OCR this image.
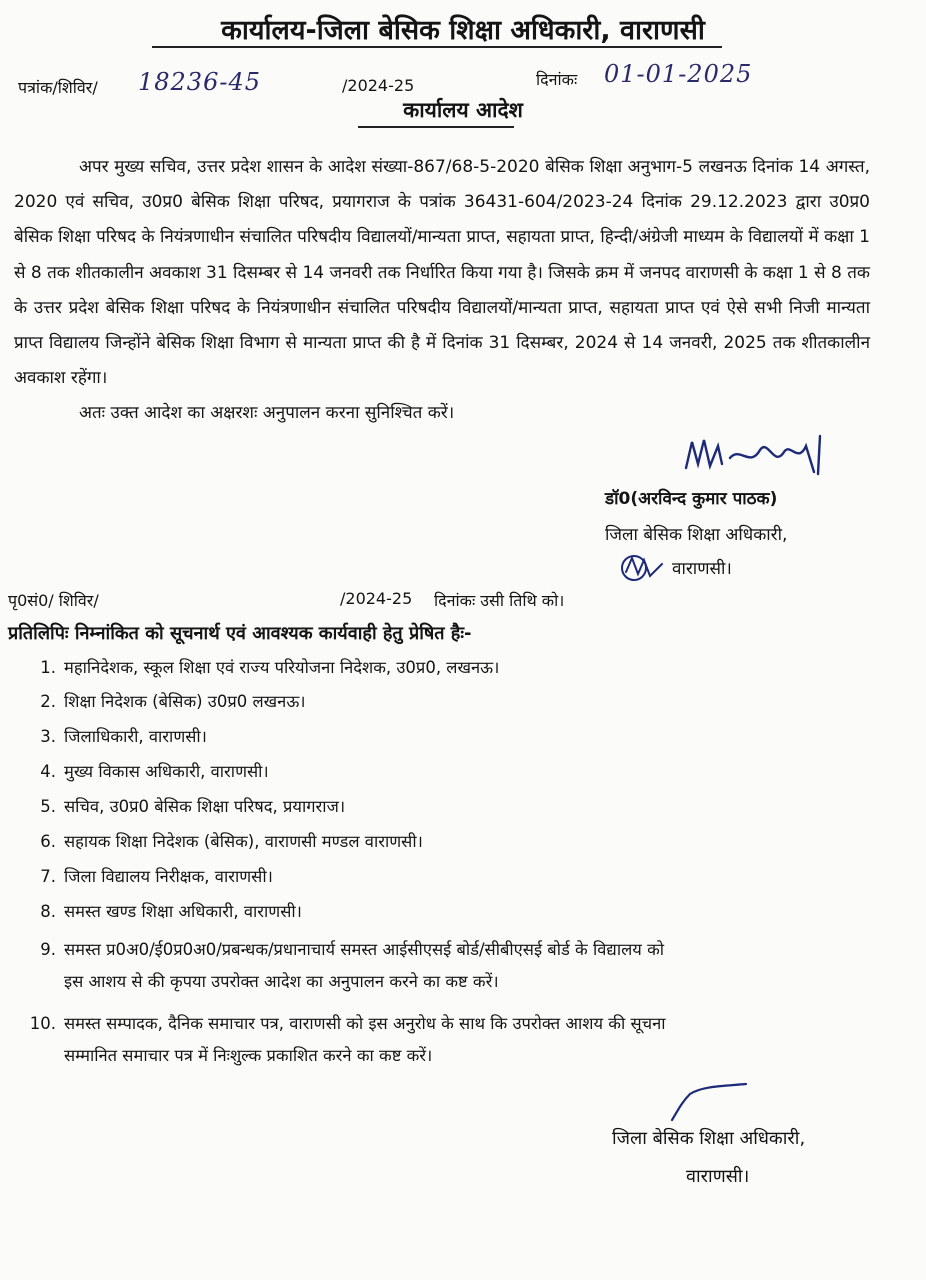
कार्यालय-जिला बेसिक शिक्षा अधिकारी, वाराणसी
पत्रांक/शिविर/ 18236-45	/2024-25	दिनांकः 01-01-2025
कार्यालय आदेश

अपर मुख्य सचिव, उत्तर प्रदेश शासन के आदेश संख्या-867/68-5-2020 बेसिक शिक्षा अनुभाग-5 लखनऊ दिनांक 14 अगस्त, 2020 एवं सचिव, उ0प्र0 बेसिक शिक्षा परिषद, प्रयागराज के पत्रांक 36431-604/2023-24 दिनांक 29.12.2023 द्वारा उ0प्र0 बेसिक शिक्षा परिषद के नियंत्रणाधीन संचालित परिषदीय विद्यालयों/मान्यता प्राप्त, सहायता प्राप्त, हिन्दी/अंग्रेजी माध्यम के विद्यालयों में कक्षा 1 से 8 तक शीतकालीन अवकाश 31 दिसम्बर से 14 जनवरी तक निर्धारित किया गया है। जिसके क्रम में जनपद वाराणसी के कक्षा 1 से 8 तक के उत्तर प्रदेश बेसिक शिक्षा परिषद के नियंत्रणाधीन संचालित परिषदीय विद्यालयों/मान्यता प्राप्त, सहायता प्राप्त एवं ऐसे सभी निजी मान्यता प्राप्त विद्यालय जिन्होंने बेसिक शिक्षा विभाग से मान्यता प्राप्त की है में दिनांक 31 दिसम्बर, 2024 से 14 जनवरी, 2025 तक शीतकालीन अवकाश रहेंगा।

अतः उक्त आदेश का अक्षरशः अनुपालन करना सुनिश्चित करें।

डॉ0(अरविन्द कुमार पाठक)
जिला बेसिक शिक्षा अधिकारी,
वाराणसी।
पृ0सं0/ शिविर/	/2024-25 दिनांकः उसी तिथि को।
प्रतिलिपिः निम्नांकित को सूचनार्थ एवं आवश्यक कार्यवाही हेतु प्रेषित हैः-
1. महानिदेशक, स्कूल शिक्षा एवं राज्य परियोजना निदेशक, उ0प्र0, लखनऊ।
2. शिक्षा निदेशक (बेसिक) उ0प्र0 लखनऊ।
3. जिलाधिकारी, वाराणसी।
4. मुख्य विकास अधिकारी, वाराणसी।
5. सचिव, उ0प्र0 बेसिक शिक्षा परिषद, प्रयागराज।
6. सहायक शिक्षा निदेशक (बेसिक), वाराणसी मण्डल वाराणसी।
7. जिला विद्यालय निरीक्षक, वाराणसी।
8. समस्त खण्ड शिक्षा अधिकारी, वाराणसी।
9. समस्त प्र0अ0/ई0प्र0अ0/प्रबन्धक/प्रधानाचार्य समस्त आईसीएसई बोर्ड/सीबीएसई बोर्ड के विद्यालय को
इस आशय से की कृपया उपरोक्त आदेश का अनुपालन करने का कष्ट करें।
10. समस्त सम्पादक, दैनिक समाचार पत्र, वाराणसी को इस अनुरोध के साथ कि उपरोक्त आशय की सूचना
सम्मानित समाचार पत्र में निःशुल्क प्रकाशित करने का कष्ट करें।
जिला बेसिक शिक्षा अधिकारी,
वाराणसी।
